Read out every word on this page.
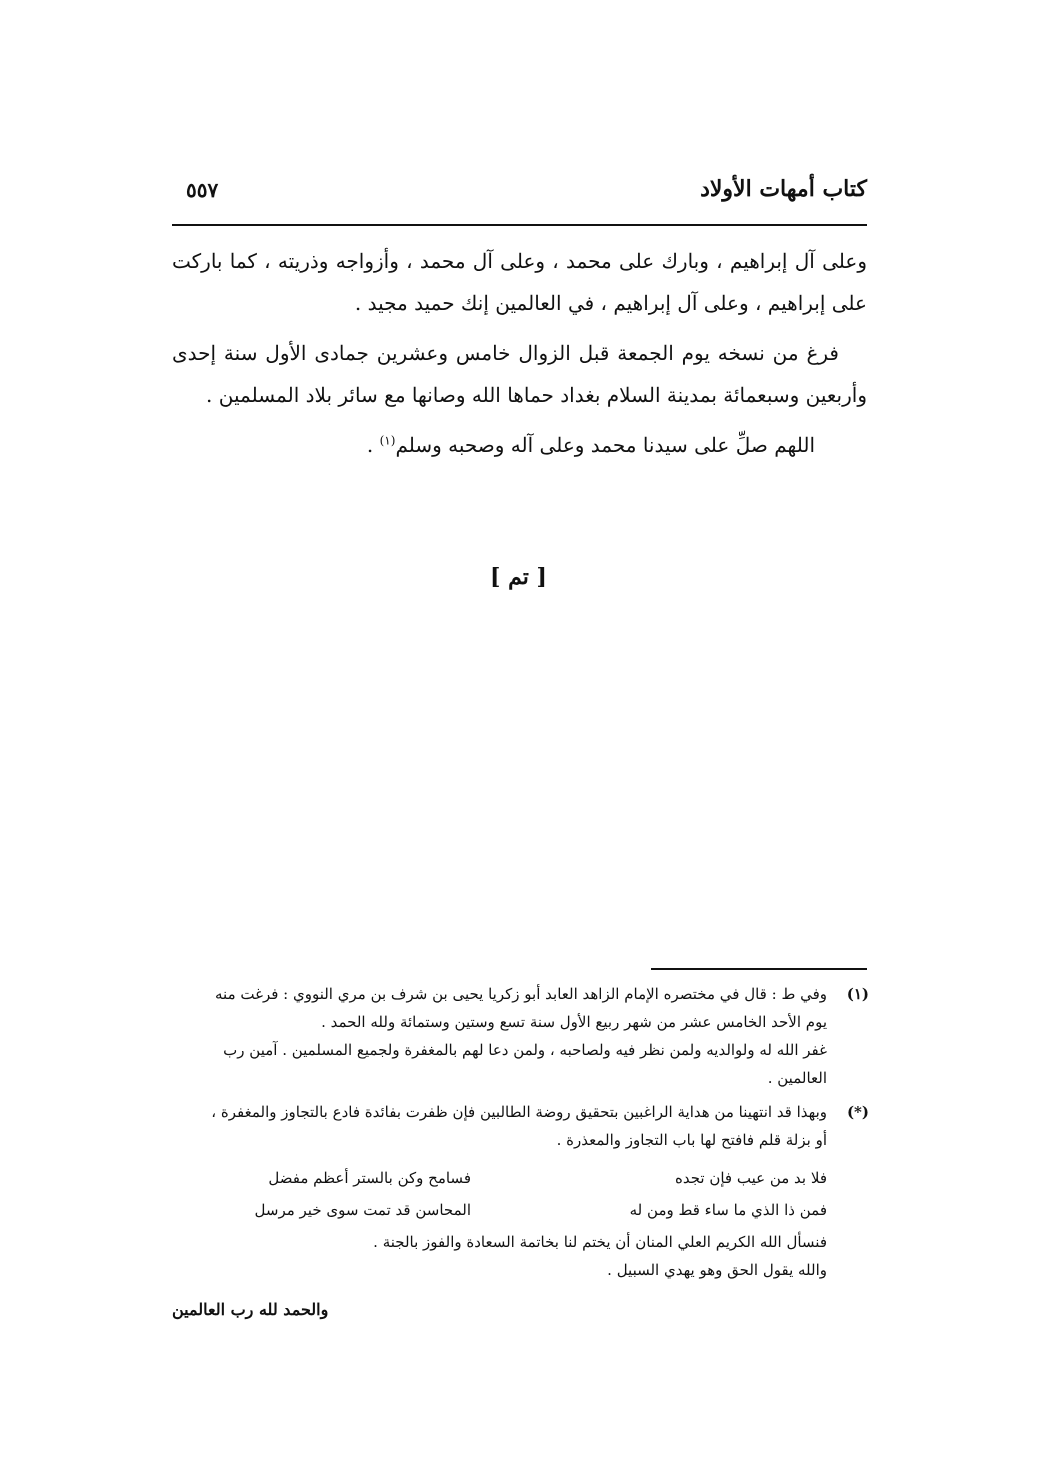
كتاب أمهات الأولاد
٥٥٧

وعلى آل إبراهيم ، وبارك على محمد ، وعلى آل محمد ، وأزواجه وذريته ، كما باركت على إبراهيم ، وعلى آل إبراهيم ، في العالمين إنك حميد مجيد .

فرغ من نسخه يوم الجمعة قبل الزوال خامس وعشرين جمادى الأول سنة إحدى وأربعين وسبعمائة بمدينة السلام بغداد حماها الله وصانها مع سائر بلاد المسلمين .

اللهم صلِّ على سيدنا محمد وعلى آله وصحبه وسلم$^{(١)}$ .

[ تم ]
(١)
وفي ط : قال في مختصره الإمام الزاهد العابد أبو زكريا يحيى بن شرف بن مري النووي : فرغت منه
يوم الأحد الخامس عشر من شهر ربيع الأول سنة تسع وستين وستمائة ولله الحمد .
غفر الله له ولوالديه ولمن نظر فيه ولصاحبه ، ولمن دعا لهم بالمغفرة ولجميع المسلمين . آمين رب
العالمين .
(*)
وبهذا قد انتهينا من هداية الراغبين بتحقيق روضة الطالبين فإن ظفرت بفائدة فادع بالتجاوز والمغفرة ،
أو بزلة قلم فافتح لها باب التجاوز والمعذرة .
فلا بد من عيب فإن تجده
فسامح وكن بالستر أعظم مفضل
فمن ذا الذي ما ساء قط ومن له
المحاسن قد تمت سوى خير مرسل
فنسأل الله الكريم العلي المنان أن يختم لنا بخاتمة السعادة والفوز بالجنة .
والله يقول الحق وهو يهدي السبيل .
والحمد لله رب العالمين
